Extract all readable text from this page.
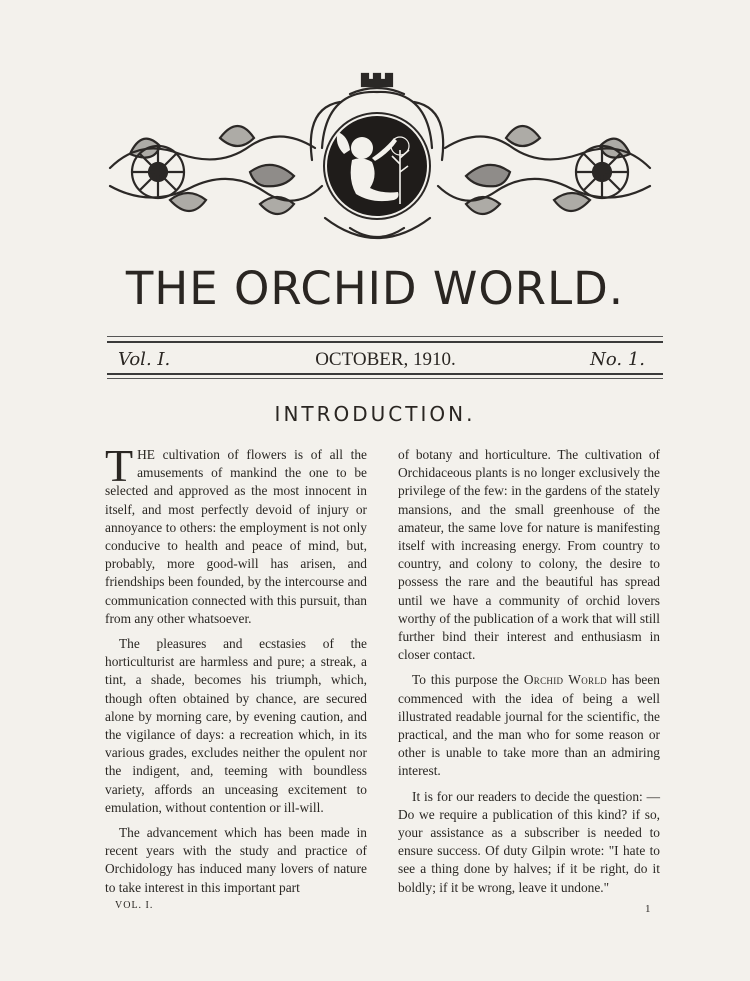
THE ORCHID WORLD.
OCTOBER, 1910.
Vol. I.	No. 1.
INTRODUCTION.

THE cultivation of flowers is of all the amusements of mankind the one to be selected and approved as the most innocent in itself, and most perfectly devoid of injury or annoyance to others: the employment is not only conducive to health and peace of mind, but, probably, more good-will has arisen, and friendships been founded, by the intercourse and communication connected with this pursuit, than from any other whatsoever.

The pleasures and ecstasies of the horticulturist are harmless and pure; a streak, a tint, a shade, becomes his triumph, which, though often obtained by chance, are secured alone by morning care, by evening caution, and the vigilance of days: a recreation which, in its various grades, excludes neither the opulent nor the indigent, and, teeming with boundless variety, affords an unceasing excitement to emulation, without contention or ill-will.

The advancement which has been made in recent years with the study and practice of Orchidology has induced many lovers of nature to take interest in this important part

of botany and horticulture. The cultivation of Orchidaceous plants is no longer exclusively the privilege of the few: in the gardens of the stately mansions, and the small greenhouse of the amateur, the same love for nature is manifesting itself with increasing energy. From country to country, and colony to colony, the desire to possess the rare and the beautiful has spread until we have a community of orchid lovers worthy of the publication of a work that will still further bind their interest and enthusiasm in closer contact.

To this purpose the Orchid World has been commenced with the idea of being a well illustrated readable journal for the scientific, the practical, and the man who for some reason or other is unable to take more than an admiring interest.

It is for our readers to decide the question: —Do we require a publication of this kind? if so, your assistance as a subscriber is needed to ensure success. Of duty Gilpin wrote: "I hate to see a thing done by halves; if it be right, do it boldly; if it be wrong, leave it undone."

VOL. I.	1
